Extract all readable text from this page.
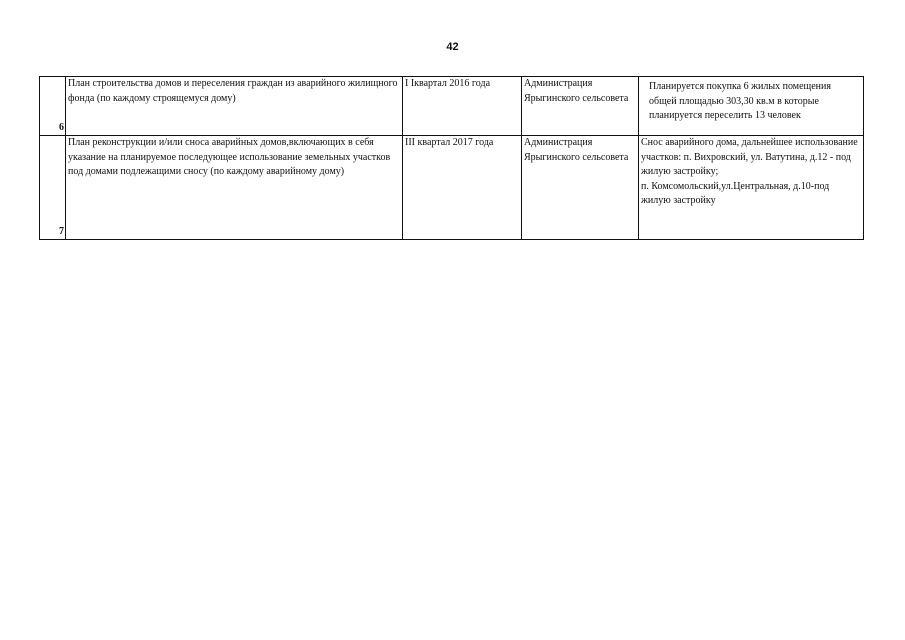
42
6	План строительства домов и переселения граждан из аварийного жилищного фонда (по каждому строящемуся дому)	I Iквартал 2016 года	Администрация Ярыгинского сельсовета	Планируется покупка 6 жилых помещения общей площадью 303,30 кв.м в которые планируется переселить 13 человек

7	План реконструкции и/или сноса аварийных домов,включающих в себя указание на планируемое последующее использование земельных участков под домами подлежащими сносу (по каждому аварийному дому)	III квартал 2017 года	Администрация Ярыгинского сельсовета	Снос аварийного дома, дальнейшее использование участков: п. Вихровский, ул. Ватутина, д.12 - под жилую застройку;
п. Комсомольский,ул.Центральная, д.10-под жилую застройку
